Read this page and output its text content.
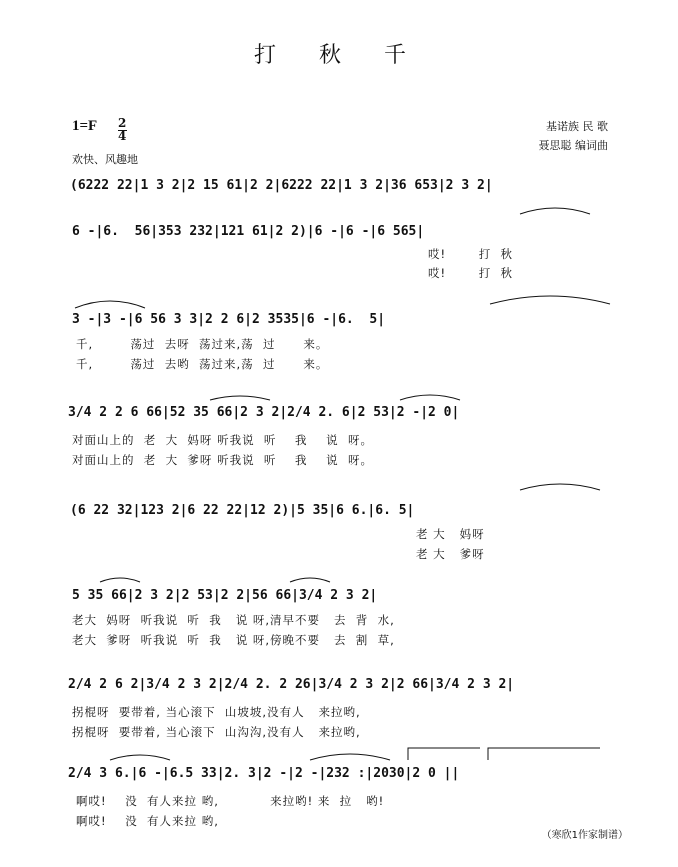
打 秋 千
1=F 2
4
欢快、风趣地
基诺族 民 歌
聂思聪 编词曲
(6222 22|1 3 2|2 15 61|2 2|6222 22|1 3 2|36 653|2 3 2|
6 -|6.  56|353 232|121 61|2 2)|6 -|6 -|6 565|
哎!       打  秋
哎!       打  秋
3 -|3 -|6 56 3 3|2 2 6|2 3535|6 -|6.  5|
千,        荡过  去呀  荡过来,荡  过      来。
千,        荡过  去哟  荡过来,荡  过      来。
3/4 2 2 6 66|52 35 66|2 3 2|2/4 2. 6|2 53|2 -|2 0|
对面山上的  老  大  妈呀 听我说  听    我    说  呀。
对面山上的  老  大  爹呀 听我说  听    我    说  呀。
(6 22 32|123 2|6 22 22|12 2)|5 35|6 6.|6. 5|
老 大   妈呀
老 大   爹呀
5 35 66|2 3 2|2 53|2 2|56 66|3/4 2 3 2|
老大  妈呀  听我说  听  我   说 呀,清早不要   去  背  水,
老大  爹呀  听我说  听  我   说 呀,傍晚不要   去  割  草,
2/4 2 6 2|3/4 2 3 2|2/4 2. 2 26|3/4 2 3 2|2 66|3/4 2 3 2|
拐棍呀  要带着, 当心滚下  山坡坡,没有人   来拉哟,
拐棍呀  要带着, 当心滚下  山沟沟,没有人   来拉哟,
2/4 3 6.|6 -|6.5 33|2. 3|2 -|2 -|232 :|2030|2 0 ||
啊哎!    没  有人来拉 哟,           来拉哟! 来  拉   哟!
啊哎!    没  有人来拉 哟,
（寒欣1作家制谱）
